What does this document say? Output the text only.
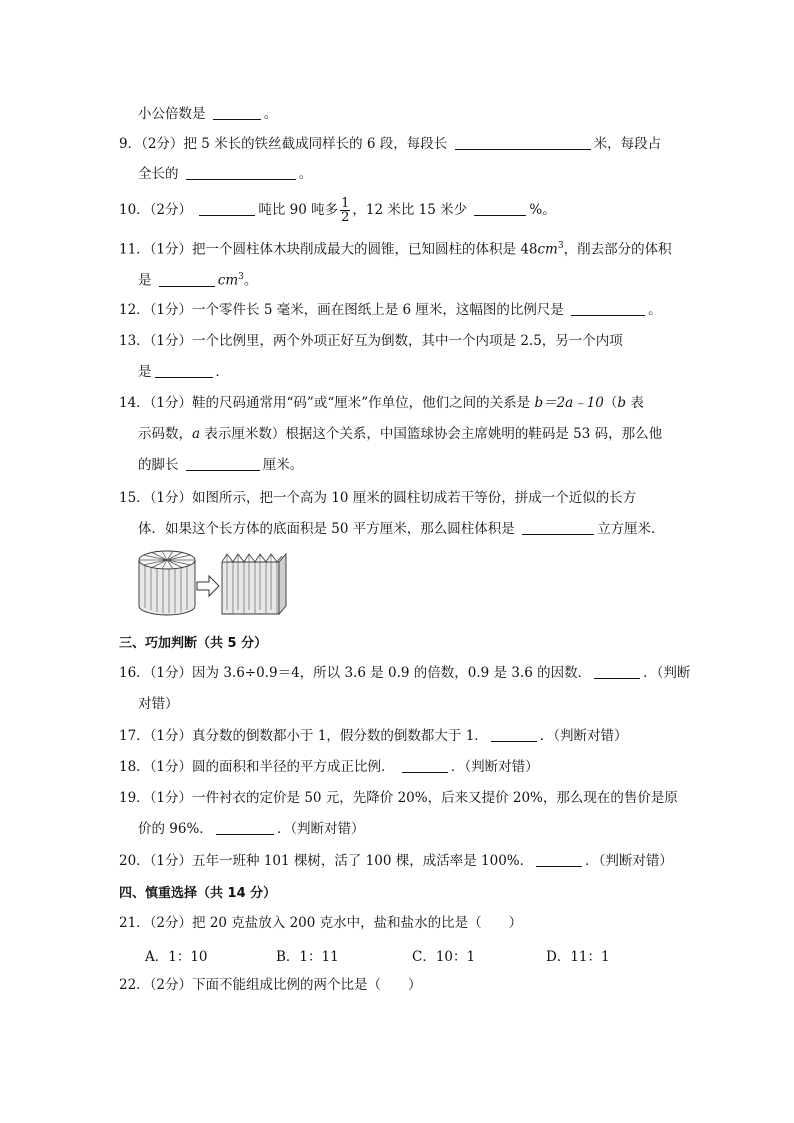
小公倍数是	。
9．（2分）把 5 米长的铁丝截成同样长的 6 段，每段长	米，每段占
全长的	。
10．（2分）	吨比 90 吨多 $\frac{1}{2}$ ，12 米比 15 米少	%。
11．（1分）把一个圆柱体木块削成最大的圆锥，已知圆柱的体积是 $48cm^3$，削去部分的体积
是	$cm^3$。
12．（1分）一个零件长 5 毫米，画在图纸上是 6 厘米，这幅图的比例尺是	。
13．（1分）一个比例里，两个外项正好互为倒数，其中一个内项是 2.5，另一个内项
是	．
14．（1分）鞋的尺码通常用“码”或“厘米”作单位，他们之间的关系是 b＝2a﹣10（b 表
示码数，a 表示厘米数）根据这个关系，中国篮球协会主席姚明的鞋码是 53 码，那么他
的脚长	厘米。
15．（1分）如图所示，把一个高为 10 厘米的圆柱切成若干等份，拼成一个近似的长方
体．如果这个长方体的底面积是 50 平方厘米，那么圆柱体积是	立方厘米．
三、巧加判断（共 5 分）
16．（1分）因为 3.6÷0.9＝4，所以 3.6 是 0.9 的倍数，0.9 是 3.6 的因数．	．（判断
对错）
17．（1分）真分数的倒数都小于 1，假分数的倒数都大于 1．	．（判断对错）
18．（1分）圆的面积和半径的平方成正比例．	．（判断对错）
19．（1分）一件衬衣的定价是 50 元，先降价 20%，后来又提价 20%，那么现在的售价是原
价的 96%．	．（判断对错）
20．（1分）五年一班种 101 棵树，活了 100 棵，成活率是 100%．	．（判断对错）
四、慎重选择（共 14 分）
21．（2分）把 20 克盐放入 200 克水中，盐和盐水的比是（　　）
A．1：10	B．1：11	C．10：1	D．11：1
22．（2分）下面不能组成比例的两个比是（　　）
